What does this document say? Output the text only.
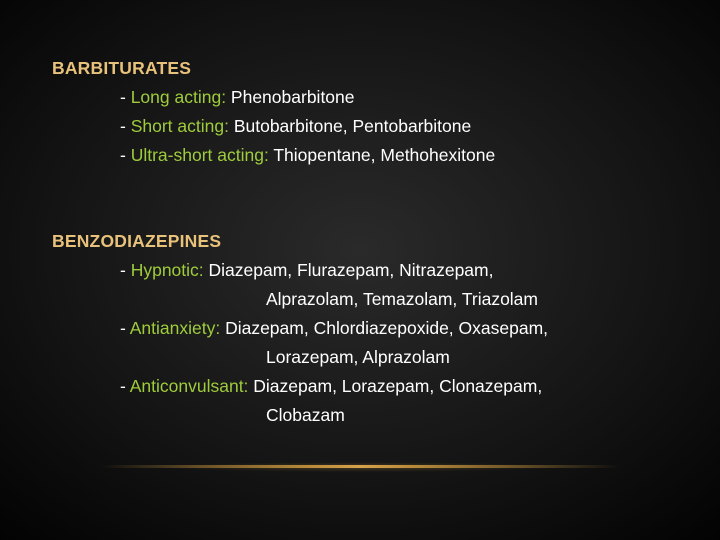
BARBITURATES
- Long acting: Phenobarbitone
- Short acting: Butobarbitone, Pentobarbitone
- Ultra-short acting: Thiopentane, Methohexitone
BENZODIAZEPINES
- Hypnotic: Diazepam, Flurazepam, Nitrazepam,
Alprazolam, Temazolam, Triazolam
- Antianxiety: Diazepam, Chlordiazepoxide, Oxasepam,
Lorazepam, Alprazolam
- Anticonvulsant: Diazepam, Lorazepam, Clonazepam,
Clobazam
